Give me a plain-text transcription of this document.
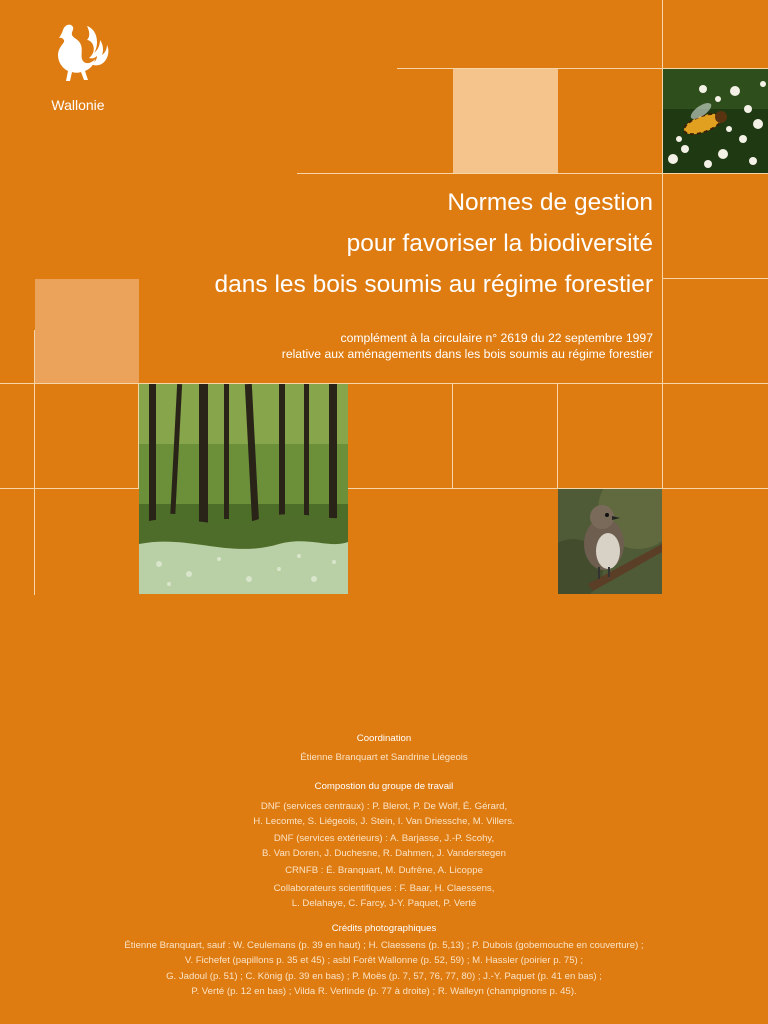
Wallonie
Normes de gestion
pour favoriser la biodiversité
dans les bois soumis au régime forestier
complément à la circulaire n° 2619 du 22 septembre 1997
relative aux aménagements dans les bois soumis au régime forestier
Coordination
Étienne Branquart et Sandrine Liégeois
Compostion du groupe de travail
DNF (services centraux) : P. Blerot, P. De Wolf, É. Gérard,
H. Lecomte, S. Liégeois, J. Stein, I. Van Driessche, M. Villers.
DNF (services extérieurs) : A. Barjasse, J.-P. Scohy,
B. Van Doren, J. Duchesne, R. Dahmen, J. Vanderstegen
CRNFB : É. Branquart, M. Dufrêne, A. Licoppe
Collaborateurs scientifiques : F. Baar, H. Claessens,
L. Delahaye, C. Farcy, J-Y. Paquet, P. Verté
Crédits photographiques
Étienne Branquart, sauf : W. Ceulemans (p. 39 en haut) ; H. Claessens (p. 5,13) ; P. Dubois (gobemouche en couverture) ;
V. Fichefet (papillons p. 35 et 45) ; asbl Forêt Wallonne (p. 52, 59) ; M. Hassler (poirier p. 75) ;
G. Jadoul (p. 51) ; C. König (p. 39 en bas) ; P. Moës (p. 7, 57, 76, 77, 80) ; J.-Y. Paquet (p. 41 en bas) ;
P. Verté (p. 12 en bas) ; Vilda R. Verlinde (p. 77 à droite) ; R. Walleyn (champignons p. 45).
